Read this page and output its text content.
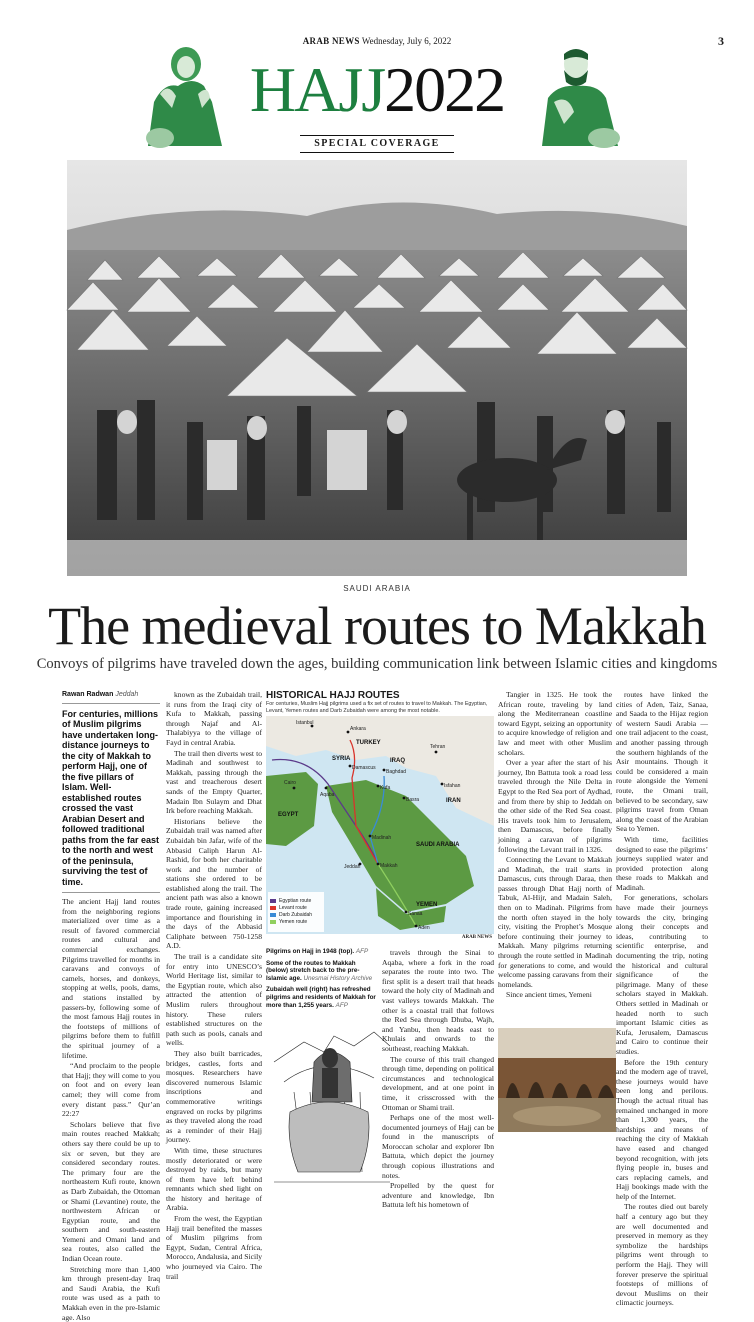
ARAB NEWS Wednesday, July 6, 2022	3
HAJJ2022
SPECIAL COVERAGE
SAUDI ARABIA
The medieval routes to Makkah
Convoys of pilgrims have traveled down the ages, building communication link between Islamic cities and kingdoms
Rawan Radwan Jeddah
For centuries, millions of Muslim pilgrims have undertaken long-distance journeys to the city of Makkah to perform Hajj, one of the five pillars of Islam. Well-established routes crossed the vast Arabian Desert and followed traditional paths from the far east to the north and west of the peninsula, surviving the test of time.

The ancient Hajj land routes from the neighboring regions materialized over time as a result of favored commercial routes and cultural and commercial exchanges. Pilgrims travelled for months in caravans and convoys of camels, horses, and donkeys, stopping at wells, pools, dams, and stations installed by passers-by, following some of the most famous Hajj routes in the footsteps of millions of pilgrims before them to fulfill the spiritual journey of a lifetime.

“And proclaim to the people that Hajj; they will come to you on foot and on every lean camel; they will come from every distant pass.” Qur’an 22:27

Scholars believe that five main routes reached Makkah; others say there could be up to six or seven, but they are considered secondary routes. The primary four are the northeastern Kufi route, known as Darb Zubaidah, the Ottoman or Shami (Levantine) route, the northwestern African or Egyptian route, and the southern and south-eastern Yemeni and Omani land and sea routes, also called the Indian Ocean route.

Stretching more than 1,400 km through present-day Iraq and Saudi Arabia, the Kufi route was used as a path to Makkah even in the pre-Islamic age. Also

HISTORICAL HAJJ ROUTES
For centuries, Muslim Hajj pilgrims used a fix set of routes to travel to Makkah. The Egyptian, Levant, Yemen routes and Darb Zubaidah were among the most notable.
Istanbul
Ankara
Damascus
Baghdad
Tehran
Kufa	Isfahan
Basra
Cairo
Aqaba
Madinah
Jeddah	Makkah
Sanaa
Aden
TURKEY
SYRIA	IRAQ
IRAN
EGYPT
SAUDI ARABIA
YEMEN
Egyptian route
Levant route
Darb Zubaidah
Yemen route
ARAB NEWS
Pilgrims on Hajj in 1948 (top). AFP
Some of the routes to Makkah (below) stretch back to the pre-Islamic age. Unesmai History Archive
Zubaidah well (right) has refreshed pilgrims and residents of Makkah for more than 1,255 years. AFP

known as the Zubaidah trail, it runs from the Iraqi city of Kufa to Makkah, passing through Najaf and Al-Thalabiyya to the village of Fayd in central Arabia.

The trail then diverts west to Madinah and southwest to Makkah, passing through the vast and treacherous desert sands of the Empty Quarter, Madain Ibn Sulaym and Dhat Irk before reaching Makkah.

Historians believe the Zubaidah trail was named after Zubaidah bin Jafar, wife of the Abbasid Caliph Harun Al-Rashid, for both her charitable work and the number of stations she ordered to be established along the trail. The ancient path was also a known trade route, gaining increased importance and flourishing in the days of the Abbasid Caliphate between 750-1258 A.D.

The trail is a candidate site for entry into UNESCO’s World Heritage list, similar to the Egyptian route, which also attracted the attention of Muslim rulers throughout history. These rulers established structures on the path such as pools, canals and wells.

They also built barricades, bridges, castles, forts and mosques. Researchers have discovered numerous Islamic inscriptions and commemorative writings engraved on rocks by pilgrims as they traveled along the road as a reminder of their Hajj journey.

With time, these structures mostly deteriorated or were destroyed by raids, but many of them have left behind remnants which shed light on the history and heritage of Arabia.

From the west, the Egyptian Hajj trail benefited the masses of Muslim pilgrims from Egypt, Sudan, Central Africa, Morocco, Andalusia, and Sicily who journeyed via Cairo. The trail

travels through the Sinai to Aqaba, where a fork in the road separates the route into two. The first split is a desert trail that heads toward the holy city of Madinah and vast valleys towards Makkah. The other is a coastal trail that follows the Red Sea through Dhuba, Wajh, and Yanbu, then heads east to Khulais and onwards to the southeast, reaching Makkah.

The course of this trail changed through time, depending on political circumstances and technological development, and at one point in time, it crisscrossed with the Ottoman or Shami trail.

Perhaps one of the most well-documented journeys of Hajj can be found in the manuscripts of Moroccan scholar and explorer Ibn Battuta, which depict the journey through copious illustrations and notes.

Propelled by the quest for adventure and knowledge, Ibn Battuta left his hometown of

Tangier in 1325. He took the African route, traveling by land along the Mediterranean coastline toward Egypt, seizing an opportunity to acquire knowledge of religion and law and meet with other Muslim scholars.

Over a year after the start of his journey, Ibn Battuta took a road less traveled through the Nile Delta in Egypt to the Red Sea port of Aydhad, and from there by ship to Jeddah on the other side of the Red Sea coast. His travels took him to Jerusalem, then Damascus, before finally joining a caravan of pilgrims following the Levant trail in 1326.

Connecting the Levant to Makkah and Madinah, the trail starts in Damascus, cuts through Daraa, then passes through Dhat Hajj north of Tabuk, Al-Hijr, and Madain Saleh, then on to Madinah. Pilgrims from the north often stayed in the holy city, visiting the Prophet’s Mosque before continuing their journey to Makkah. Many pilgrims returning through the route settled in Madinah for generations to come, and would welcome passing caravans from their homelands.

Since ancient times, Yemeni

routes have linked the cities of Aden, Taiz, Sanaa, and Saada to the Hijaz region of western Saudi Arabia — one trail adjacent to the coast, and another passing through the southern highlands of the Asir mountains. Though it could be considered a main route alongside the Yemeni route, the Omani trail, believed to be secondary, saw pilgrims travel from Oman along the coast of the Arabian Sea to Yemen.

With time, facilities designed to ease the pilgrims’ journeys supplied water and provided protection along these roads to Makkah and Madinah.

For generations, scholars have made their journeys towards the city, bringing along their concepts and ideas, contributing to scientific enterprise, and documenting the trip, noting the historical and cultural significance of the pilgrimage. Many of these scholars stayed in Makkah. Others settled in Madinah or headed north to such important Islamic cities as Kufa, Jerusalem, Damascus and Cairo to continue their studies.

Before the 19th century and the modern age of travel, these journeys would have been long and perilous. Though the actual ritual has remained unchanged in more than 1,300 years, the hardships and means of reaching the city of Makkah have eased and changed beyond recognition, with jets flying people in, buses and cars replacing camels, and Hajj bookings made with the help of the Internet.

The routes died out barely half a century ago but they are well documented and preserved in memory as they symbolize the hardships pilgrims went through to perform the Hajj. They will forever preserve the spiritual footsteps of millions of devout Muslims on their climactic journeys.
